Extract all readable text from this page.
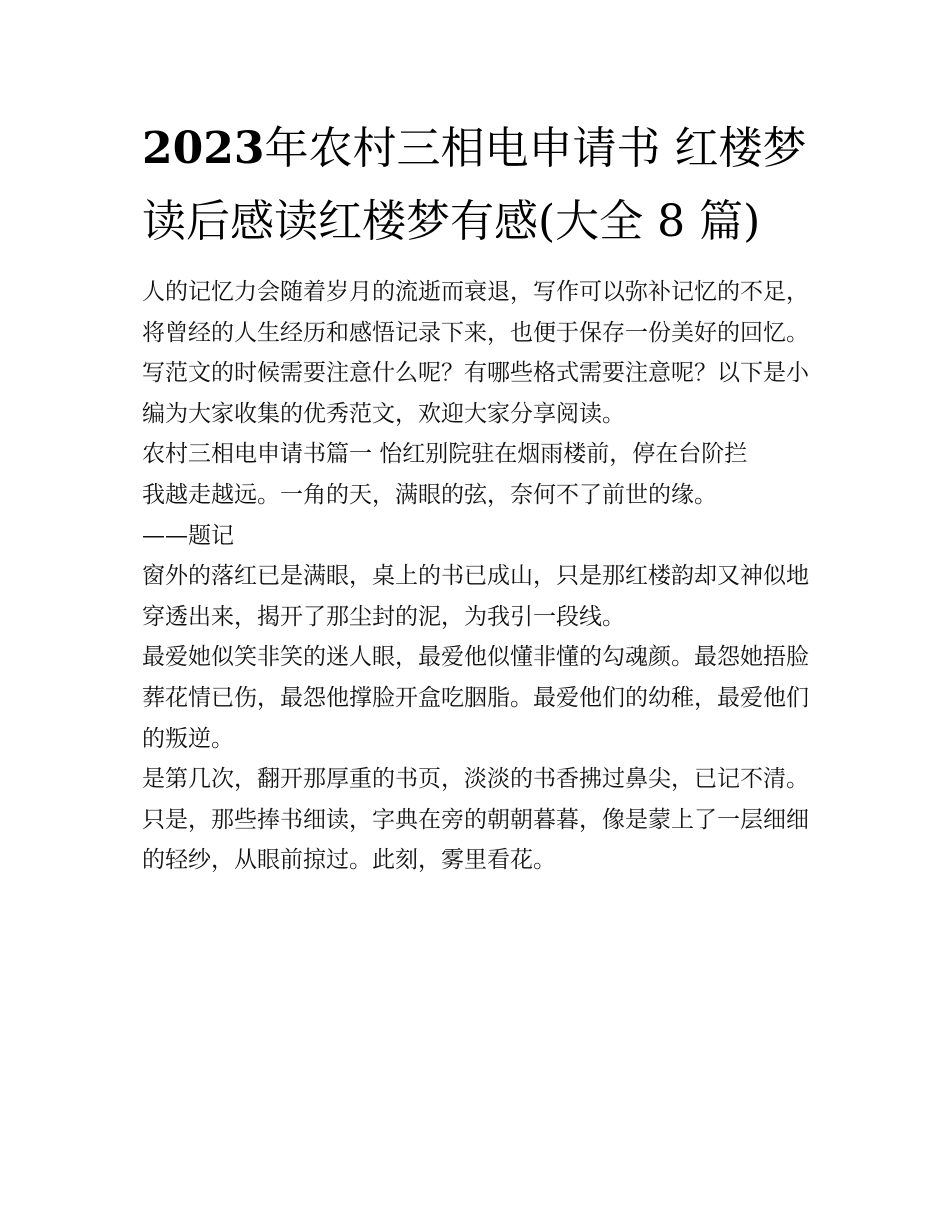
2023年农村三相电申请书 红楼梦读后感读红楼梦有感(大全 8 篇)

人的记忆力会随着岁月的流逝而衰退，写作可以弥补记忆的不足，将曾经的人生经历和感悟记录下来，也便于保存一份美好的回忆。写范文的时候需要注意什么呢？有哪些格式需要注意呢？以下是小编为大家收集的优秀范文，欢迎大家分享阅读。

农村三相电申请书篇一 怡红别院驻在烟雨楼前，停在台阶拦

我越走越远。一角的天，满眼的弦，奈何不了前世的缘。

——题记

窗外的落红已是满眼，桌上的书已成山，只是那红楼韵却又神似地穿透出来，揭开了那尘封的泥，为我引一段线。

最爱她似笑非笑的迷人眼，最爱他似懂非懂的勾魂颜。最怨她捂脸葬花情已伤，最怨他撑脸开盒吃胭脂。最爱他们的幼稚，最爱他们的叛逆。

是第几次，翻开那厚重的书页，淡淡的书香拂过鼻尖，已记不清。 只是，那些捧书细读，字典在旁的朝朝暮暮，像是蒙上了一层细细的轻纱，从眼前掠过。此刻，雾里看花。
